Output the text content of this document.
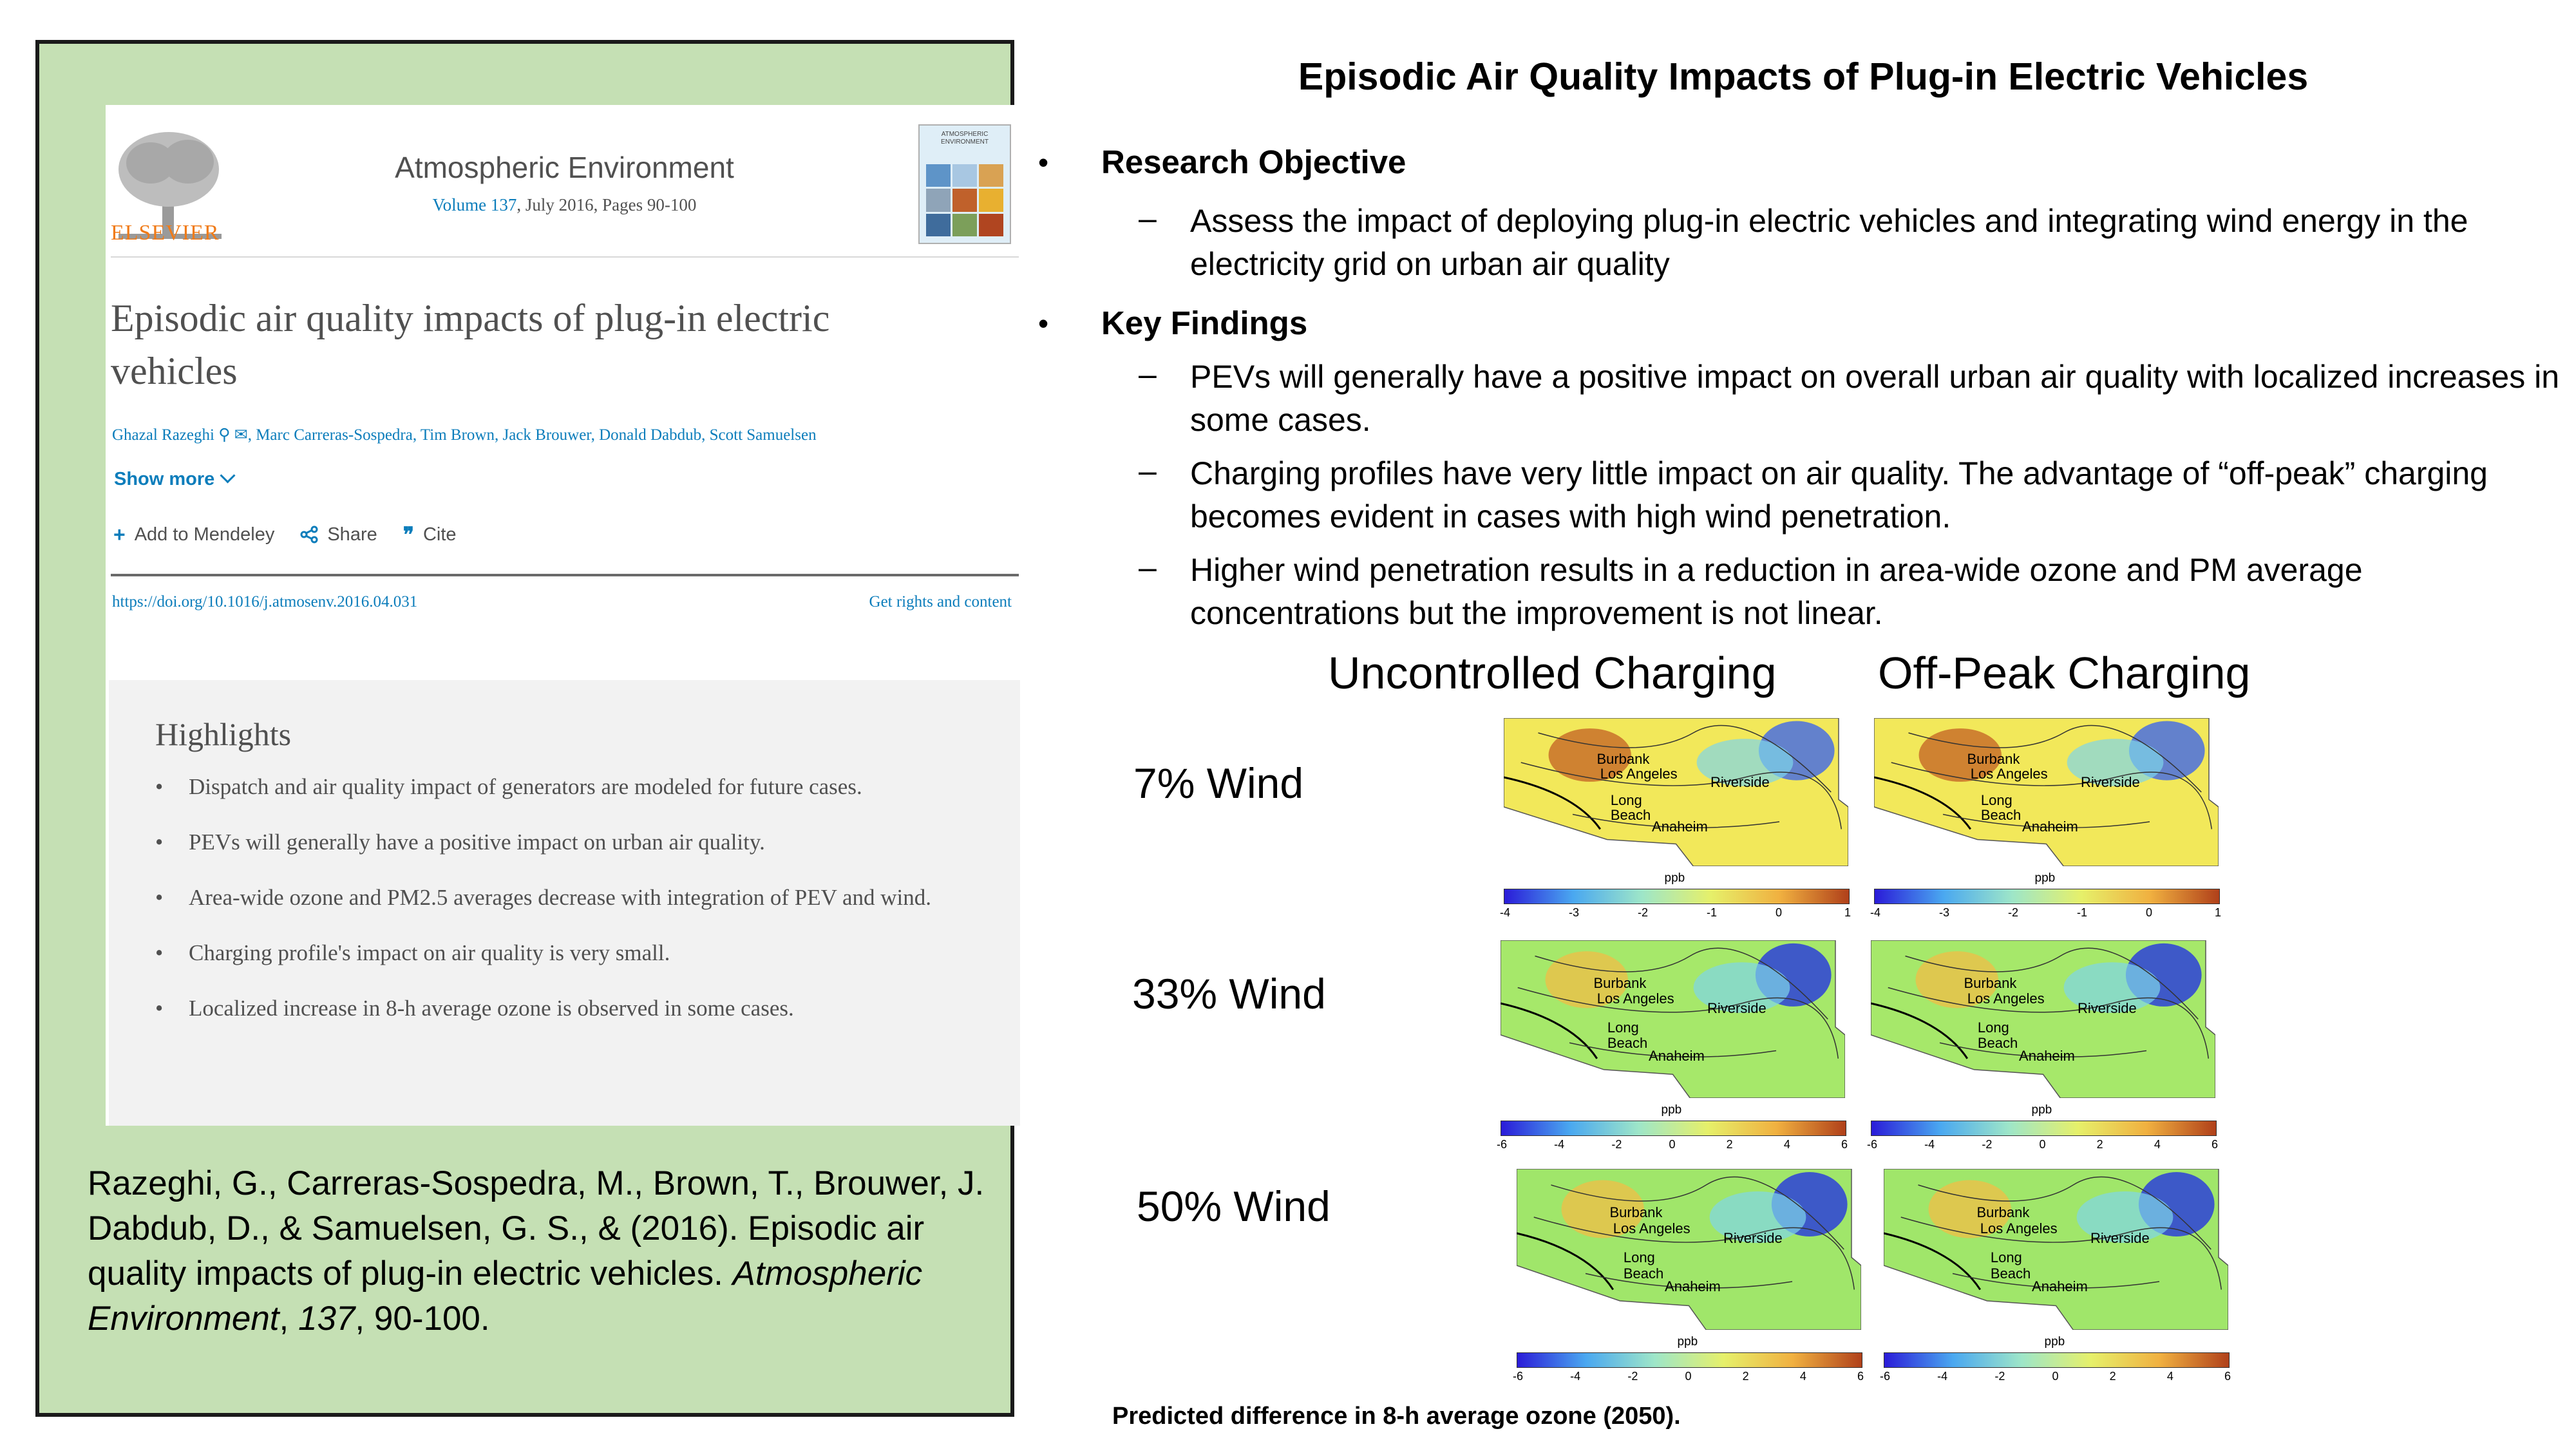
ELSEVIER
Atmospheric Environment
Volume 137, July 2016, Pages 90-100
ATMOSPHERIC ENVIRONMENT
Episodic air quality impacts of plug-in electric vehicles
Ghazal Razeghi ⚲ ✉, Marc Carreras-Sospedra, Tim Brown, Jack Brouwer, Donald Dabdub, Scott Samuelsen
Show more
+ Add to Mendeley	Share ❞ Cite
https://doi.org/10.1016/j.atmosenv.2016.04.031	Get rights and content
Highlights
• Dispatch and air quality impact of generators are modeled for future cases.
• PEVs will generally have a positive impact on urban air quality.
• Area-wide ozone and PM2.5 averages decrease with integration of PEV and wind.
• Charging profile's impact on air quality is very small.
• Localized increase in 8-h average ozone is observed in some cases.
Razeghi, G., Carreras-Sospedra, M., Brown, T., Brouwer, J. Dabdub, D., & Samuelsen, G. S., & (2016). Episodic air quality impacts of plug-in electric vehicles. Atmospheric Environment, 137, 90-100.
Episodic Air Quality Impacts of Plug-in Electric Vehicles
• Research Objective
– Assess the impact of deploying plug-in electric vehicles and integrating wind energy in the electricity grid on urban air quality
• Key Findings
– PEVs will generally have a positive impact on overall urban air quality with localized increases in some cases.
– Charging profiles have very little impact on air quality. The advantage of “off-peak” charging becomes evident in cases with high wind penetration.
– Higher wind penetration results in a reduction in area-wide ozone and PM average concentrations but the improvement is not linear.
Uncontrolled Charging Off-Peak Charging
7% Wind
33% Wind
50% Wind
Burbank
Los Angeles
Riverside
Long
Beach
Anaheim
ppb
-4	-3	-2	-1	0	1
Burbank
Los Angeles
Riverside
Long
Beach
Anaheim
ppb
-4	-3	-2	-1	0	1
Burbank
Los Angeles
Riverside
Long
Beach
Anaheim
ppb
-6	-4	-2	0	2	4	6
Burbank
Los Angeles
Riverside
Long
Beach
Anaheim
ppb
-6	-4	-2	0	2	4	6
Burbank
Los Angeles
Riverside
Long
Beach
Anaheim
ppb
-6	-4	-2	0	2	4	6
Burbank
Los Angeles
Riverside
Long
Beach
Anaheim
ppb
-6	-4	-2	0	2	4	6
Predicted difference in 8-h average ozone (2050).
